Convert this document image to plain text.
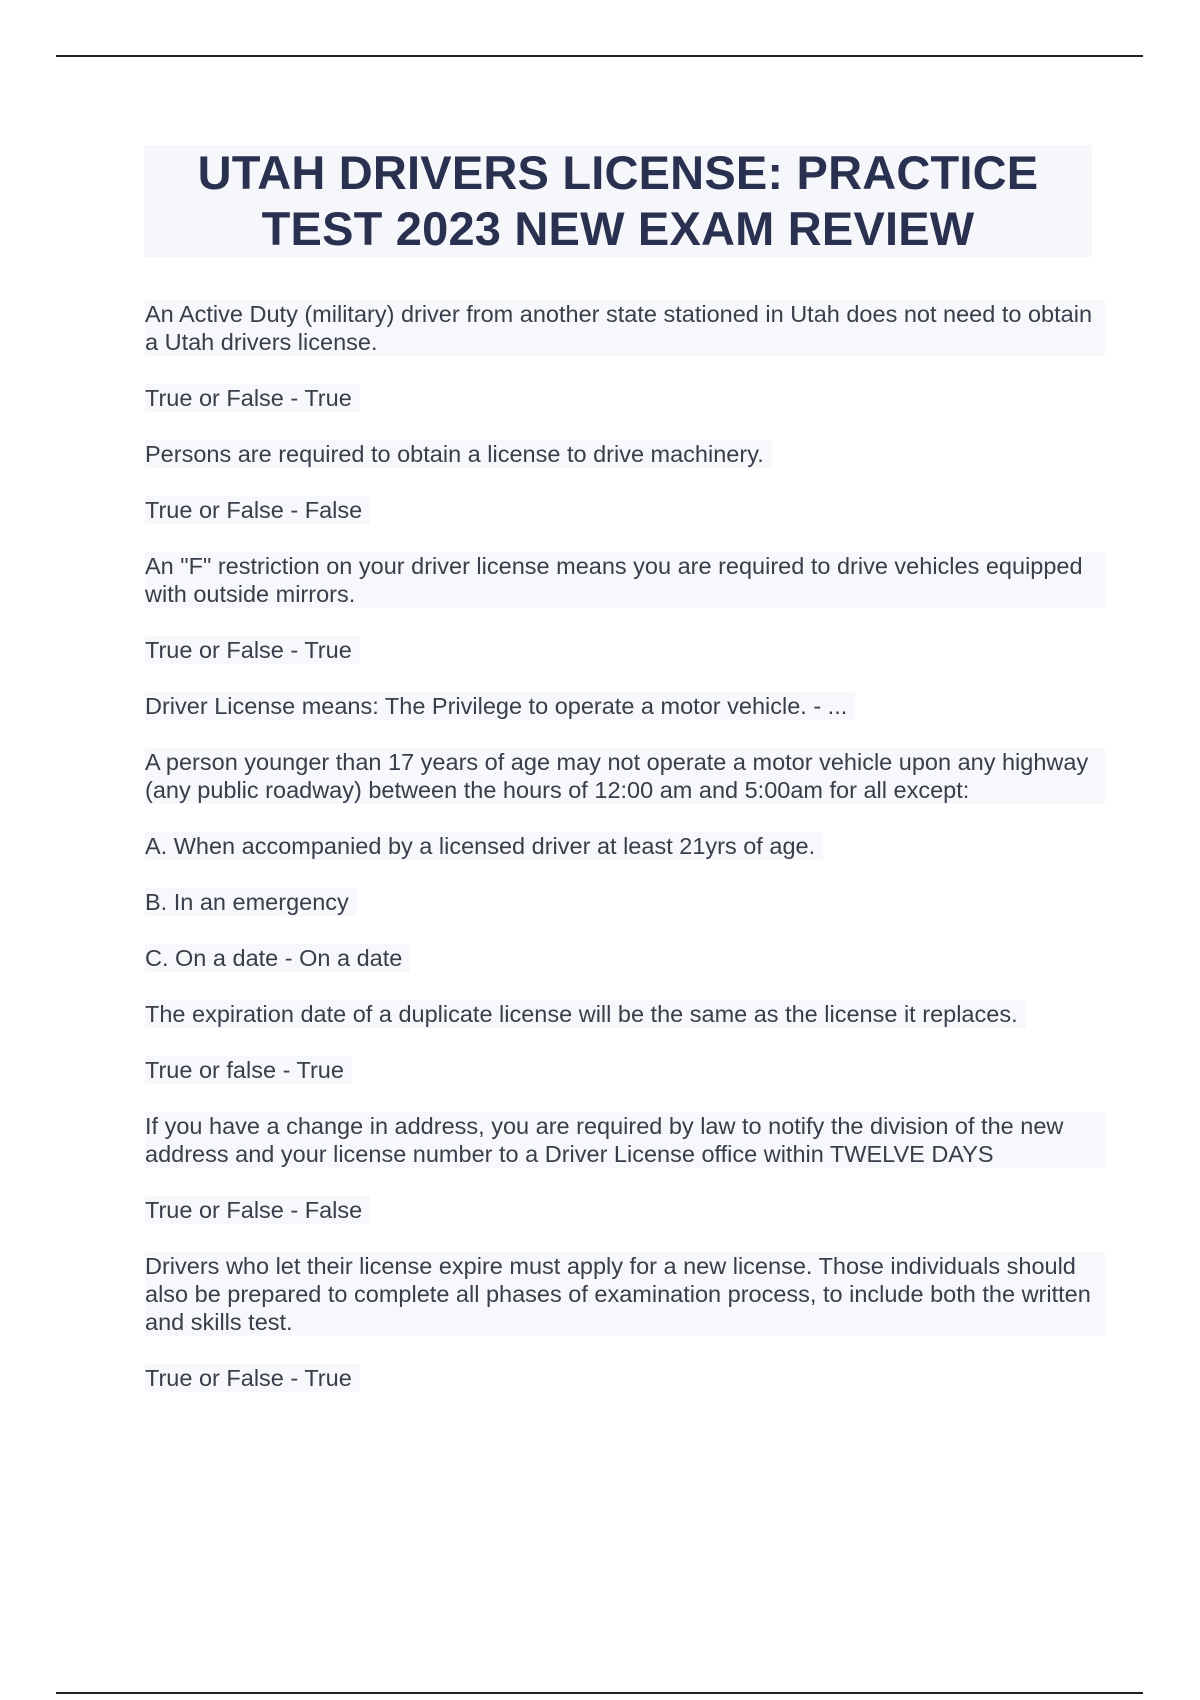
UTAH DRIVERS LICENSE: PRACTICE TEST 2023 NEW EXAM REVIEW

An Active Duty (military) driver from another state stationed in Utah does not need to obtain a Utah drivers license.

True or False - True

Persons are required to obtain a license to drive machinery.

True or False - False

An "F" restriction on your driver license means you are required to drive vehicles equipped with outside mirrors.

True or False - True

Driver License means: The Privilege to operate a motor vehicle. - ...

A person younger than 17 years of age may not operate a motor vehicle upon any highway (any public roadway) between the hours of 12:00 am and 5:00am for all except:

A. When accompanied by a licensed driver at least 21yrs of age.

B. In an emergency

C. On a date - On a date

The expiration date of a duplicate license will be the same as the license it replaces.

True or false - True

If you have a change in address, you are required by law to notify the division of the new address and your license number to a Driver License office within TWELVE DAYS

True or False - False

Drivers who let their license expire must apply for a new license. Those individuals should also be prepared to complete all phases of examination process, to include both the written and skills test.

True or False - True
